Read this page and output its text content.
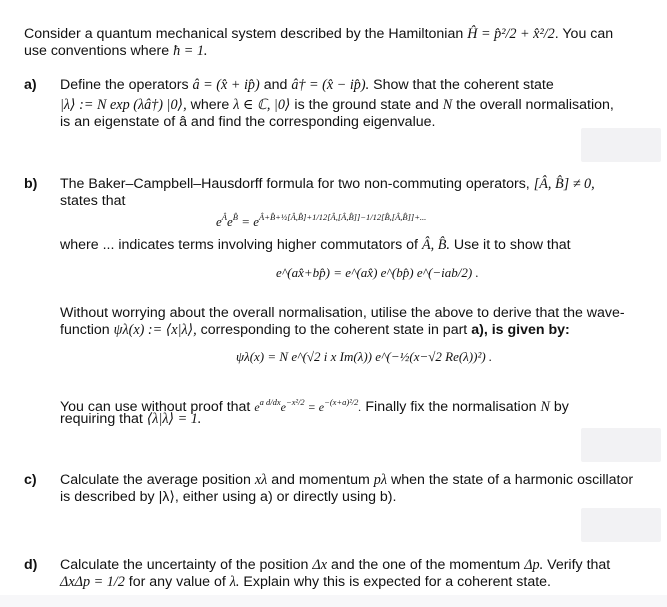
Consider a quantum mechanical system described by the Hamiltonian Ĥ = p̂²/2 + x̂²/2. You can
use conventions where ħ = 1.
a) Define the operators â = (x̂ + ip̂) and â† = (x̂ − ip̂). Show that the coherent state
|λ⟩ := N exp (λâ†) |0⟩, where λ ∈ ℂ, |0⟩ is the ground state and N the overall normalisation,
is an eigenstate of â and find the corresponding eigenvalue.
b) The Baker–Campbell–Hausdorff formula for two non-commuting operators, [Â, B̂] ≠ 0,
states that
$e^Âe^{B̂} = e^{Â+B̂+\frac{1}{2}[Â,B̂]+1/12[Â,[Â,B̂]]-1/12[B̂,[Â,B̂]]+...}$
where ... indicates terms involving higher commutators of Â, B̂. Use it to show that
e^(ax̂+bp̂) = e^(ax̂) e^(bp̂) e^(−iab/2) .
Without worrying about the overall normalisation, utilise the above to derive that the wave-
function ψλ(x) := ⟨x|λ⟩, corresponding to the coherent state in part a), is given by:
ψλ(x) = N e^(√2 i x Im(λ)) e^(−½(x−√2 Re(λ))²) .
You can use without proof that $e^{a d/dx}e^{-x^2/2} = e^{-(x+a)^2/2}$. Finally fix the normalisation N by
requiring that ⟨λ|λ⟩ = 1.
c) Calculate the average position xλ and momentum pλ when the state of a harmonic oscillator
is described by |λ⟩, either using a) or directly using b).
d) Calculate the uncertainty of the position Δx and the one of the momentum Δp. Verify that
ΔxΔp = 1/2 for any value of λ. Explain why this is expected for a coherent state.
